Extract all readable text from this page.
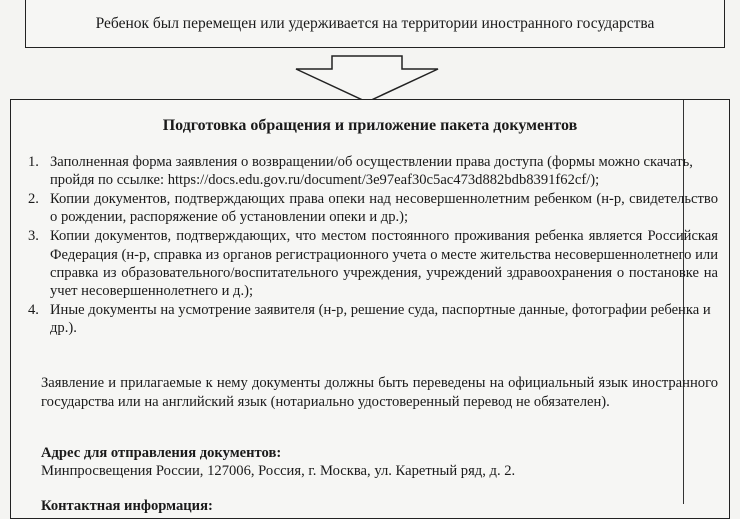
Ребенок был перемещен или удерживается на территории иностранного государства
Подготовка обращения и приложение пакета документов
1. Заполненная форма заявления о возвращении/об осуществлении права доступа (формы можно скачать, пройдя по ссылке: https://docs.edu.gov.ru/document/3e97eaf30c5ac473d882bdb8391f62cf/);
2. Копии документов, подтверждающих права опеки над несовершеннолетним ребенком (н-р, свидетельство о рождении, распоряжение об установлении опеки и др.);
3. Копии документов, подтверждающих, что местом постоянного проживания ребенка является Российская Федерация (н-р, справка из органов регистрационного учета о месте жительства несовершеннолетнего или справка из образовательного/воспитательного учреждения, учреждений здравоохранения о постановке на учет несовершеннолетнего и д.);
4. Иные документы на усмотрение заявителя (н-р, решение суда, паспортные данные, фотографии ребенка и др.).
Заявление и прилагаемые к нему документы должны быть переведены на официальный язык иностранного государства или на английский язык (нотариально удостоверенный перевод не обязателен).
Адрес для отправления документов:
Минпросвещения России, 127006, Россия, г. Москва, ул. Каретный ряд, д. 2.
